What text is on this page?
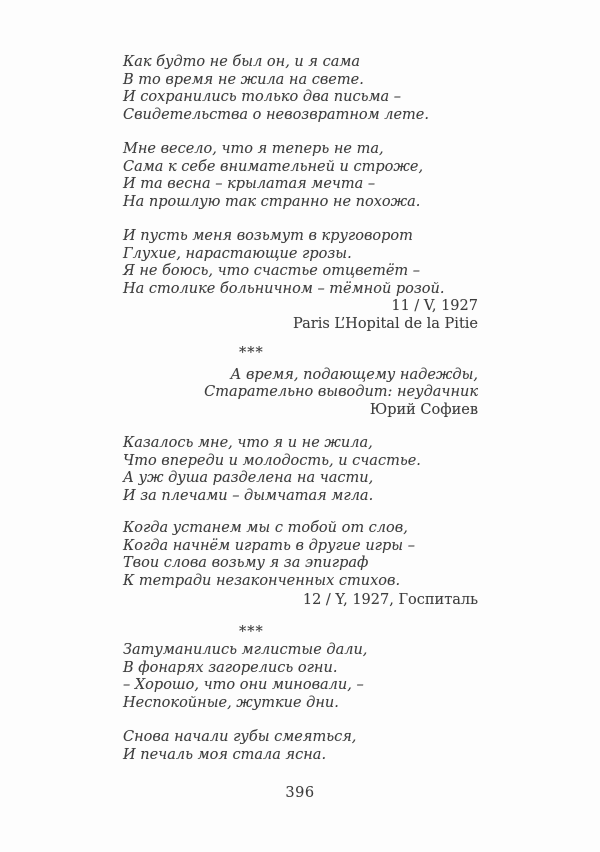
Как будто не был он, и я сама
В то время не жила на свете.
И сохранились только два письма –
Свидетельства о невозвратном лете.
Мне весело, что я теперь не та,
Сама к себе внимательней и строже,
И та весна – крылатая мечта –
На прошлую так странно не похожа.
И пусть меня возьмут в круговорот
Глухие, нарастающие грозы.
Я не боюсь, что счастье отцветёт –
На столике больничном – тёмной розой.
11 / V, 1927
Paris L’Hopital de la Pitie
***
А время, подающему надежды,
Старательно выводит: неудачник
Юрий Софиев
Казалось мне, что я и не жила,
Что впереди и молодость, и счастье.
А уж душа разделена на части,
И за плечами – дымчатая мгла.
Когда устанем мы с тобой от слов,
Когда начнём играть в другие игры –
Твои слова возьму я за эпиграф
К тетради незаконченных стихов.
12 / Y, 1927, Госпиталь
***
Затуманились мглистые дали,
В фонарях загорелись огни.
– Хорошо, что они миновали, –
Неспокойные, жуткие дни.
Снова начали губы смеяться,
И печаль моя стала ясна.
396
